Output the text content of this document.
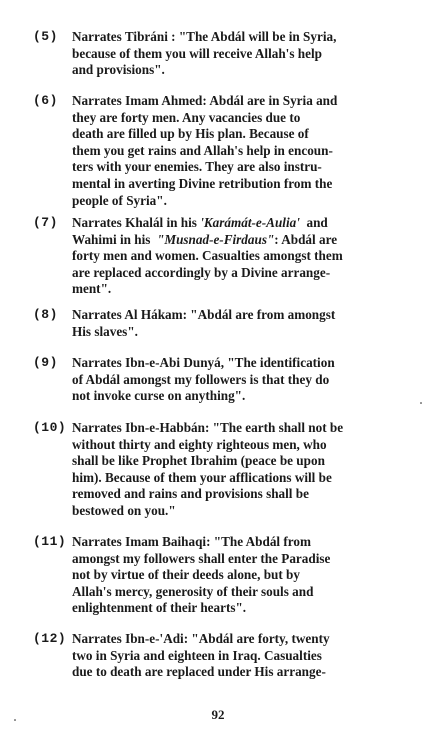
(5) Narrates Tibráni : "The Abdál will be in Syria,
because of them you will receive Allah's help
and provisions".
(6) Narrates Imam Ahmed: Abdál are in Syria and
they are forty men. Any vacancies due to
death are filled up by His plan. Because of
them you get rains and Allah's help in encoun-
ters with your enemies. They are also instru-
mental in averting Divine retribution from the
people of Syria".
(7) Narrates Khalál in his 'Karámát-e-Aulia'  and
Wahimi in his  "Musnad-e-Firdaus": Abdál are
forty men and women. Casualties amongst them
are replaced accordingly by a Divine arrange-
ment".
(8) Narrates Al Hákam: "Abdál are from amongst
His slaves".
(9) Narrates Ibn-e-Abi Dunyá, "The identification
of Abdál amongst my followers is that they do
not invoke curse on anything".
(10) Narrates Ibn-e-Habbán: "The earth shall not be
without thirty and eighty righteous men, who
shall be like Prophet Ibrahim (peace be upon
him). Because of them your afflications will be
removed and rains and provisions shall be
bestowed on you."
(11) Narrates Imam Baihaqi: "The Abdál from
amongst my followers shall enter the Paradise
not by virtue of their deeds alone, but by
Allah's mercy, generosity of their souls and
enlightenment of their hearts".
(12) Narrates Ibn-e-'Adi: "Abdál are forty, twenty
two in Syria and eighteen in Iraq. Casualties
due to death are replaced under His arrange-
92
